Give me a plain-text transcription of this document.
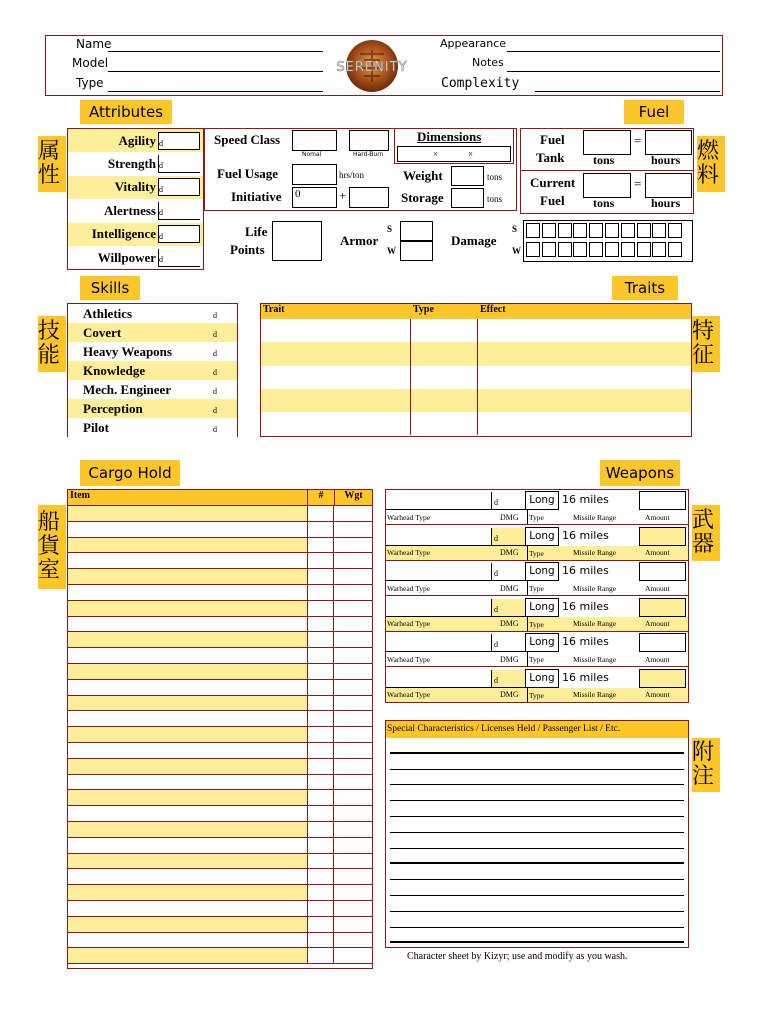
Name
Model
Type
SERENITY
Appearance
Notes
Complexity
Attributes	Fuel
属性
燃料
Agility d
Strength d
Vitality d
Alertness d
Intelligence d
Willpower d
Speed Class
Nomal	Hard-Burn
Fuel Usage	hrs/ton
Initiative 0	+
Dimensions
×	×
Weight	tons
Storage	tons
Fuel
Tank
=
tons	hours
Current
Fuel
=
tons	hours
Life
Points
Armor
S
W
Damage
S
W
Skills	Traits
技能
特征
Athletics	d
Covert	d
Heavy Weapons	d
Knowledge	d
Mech. Engineer	d
Perception	d
Pilot	d
Trait	Type	Effect
Cargo Hold	Weapons
船貨室
武器
附注
Item	#	Wgt
d	Long 16 miles
Warhead Type	DMG	Type	Missile Range	Amount
d	Long 16 miles
Warhead Type	DMG	Type	Missile Range	Amount
d	Long 16 miles
Warhead Type	DMG	Type	Missile Range	Amount
d	Long 16 miles
Warhead Type	DMG	Type	Missile Range	Amount
d	Long 16 miles
Warhead Type	DMG	Type	Missile Range	Amount
d	Long 16 miles
Warhead Type	DMG	Type	Missile Range	Amount
Special Characteristics / Licenses Held / Passenger List / Etc.
Character sheet by Kizyr; use and modify as you wash.
